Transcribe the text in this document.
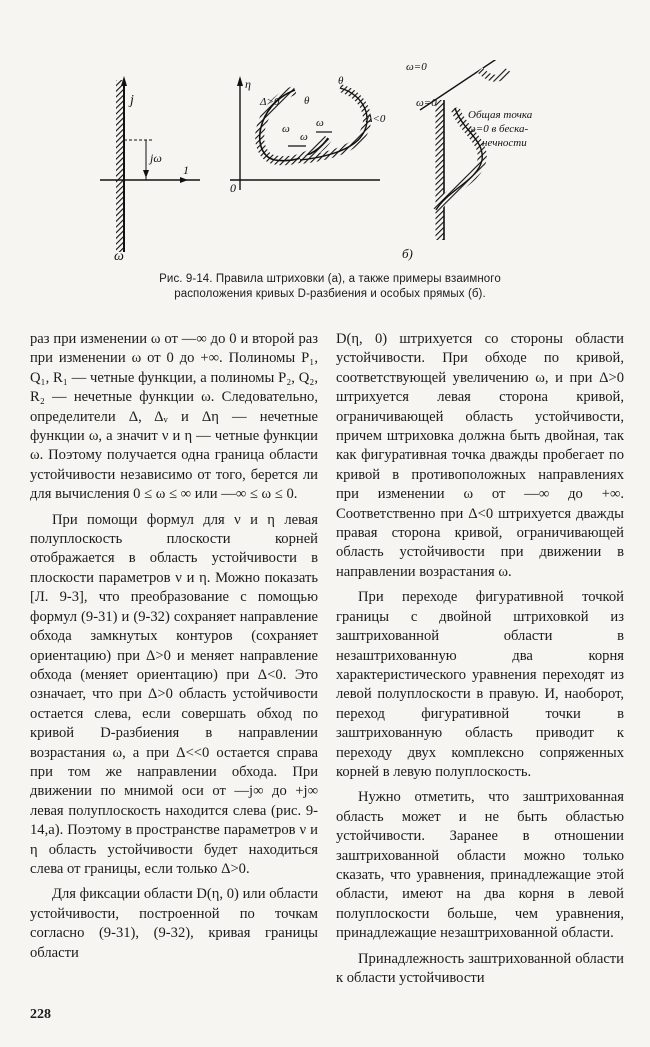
j
jω
1
ω
η
0
Δ>0
Δ<0
θ
θ
ω ω
ω
ω=0
ω=0
Общая точка
ω=0 в беска-
нечности
б)
Рис. 9-14. Правила штриховки (а), а также примеры взаимного
расположения кривых D-разбиения и особых прямых (б).

раз при изменении ω от —∞ до 0 и второй раз при изменении ω от 0 до +∞. Полиномы P₁, Q₁, R₁ — четные функции, а полиномы P₂, Q₂, R₂ — нечетные функции ω. Следовательно, определители Δ, Δᵥ и Δη — нечетные функции ω, а значит ν и η — четные функции ω. Поэтому получается одна граница области устойчивости независимо от того, берется ли для вычисления 0 ≤ ω ≤ ∞ или —∞ ≤ ω ≤ 0.

При помощи формул для ν и η левая полуплоскость плоскости корней отображается в область устойчивости в плоскости параметров ν и η. Можно показать [Л. 9-3], что преобразование с помощью формул (9-31) и (9-32) сохраняет направление обхода замкнутых контуров (сохраняет ориентацию) при Δ>0 и меняет направление обхода (меняет ориентацию) при Δ<0. Это означает, что при Δ>0 область устойчивости остается слева, если совершать обход по кривой D-разбиения в направлении возрастания ω, а при Δ<<0 остается справа при том же направлении обхода. При движении по мнимой оси от —j∞ до +j∞ левая полуплоскость находится слева (рис. 9-14,а). Поэтому в пространстве параметров ν и η область устойчивости будет находиться слева от границы, если только Δ>0.

Для фиксации области D(η, 0) или области устойчивости, построенной по точкам согласно (9-31), (9-32), кривая границы области

D(η, 0) штрихуется со стороны области устойчивости. При обходе по кривой, соответствующей увеличению ω, и при Δ>0 штрихуется левая сторона кривой, ограничивающей область устойчивости, причем штриховка должна быть двойная, так как фигуративная точка дважды пробегает по кривой в противоположных направлениях при изменении ω от —∞ до +∞. Соответственно при Δ<0 штрихуется дважды правая сторона кривой, ограничивающей область устойчивости при движении в направлении возрастания ω.

При переходе фигуративной точкой границы с двойной штриховкой из заштрихованной области в незаштрихованную два корня характеристического уравнения переходят из левой полуплоскости в правую. И, наоборот, переход фигуративной точки в заштрихованную область приводит к переходу двух комплексно сопряженных корней в левую полуплоскость.

Нужно отметить, что заштрихованная область может и не быть областью устойчивости. Заранее в отношении заштрихованной области можно только сказать, что уравнения, принадлежащие этой области, имеют на два корня в левой полуплоскости больше, чем уравнения, принадлежащие незаштрихованной области.

Принадлежность заштрихованной области к области устойчивости

228
